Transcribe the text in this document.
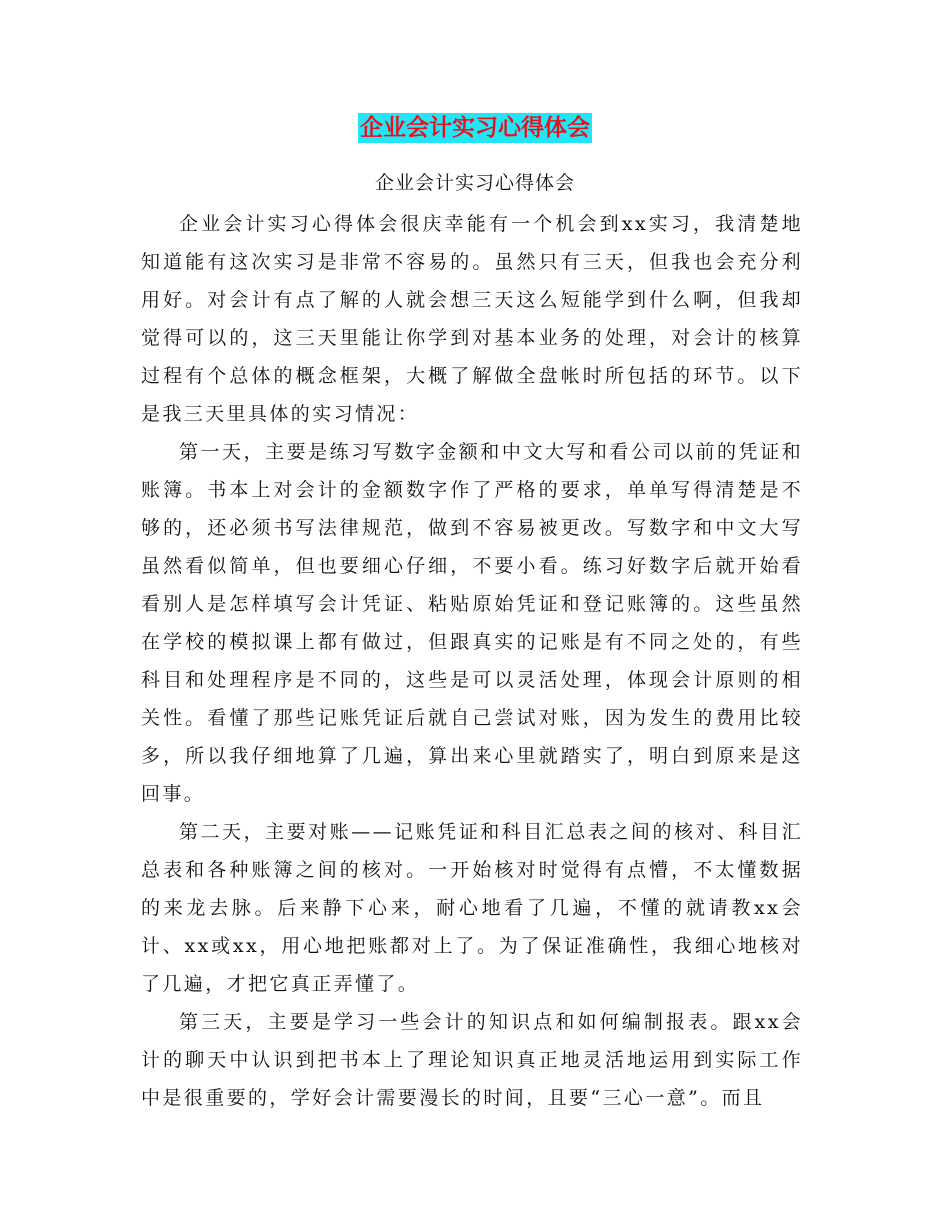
企业会计实习心得体会
企业会计实习心得体会

企业会计实习心得体会很庆幸能有一个机会到xx实习，我清楚地知道能有这次实习是非常不容易的。虽然只有三天，但我也会充分利用好。对会计有点了解的人就会想三天这么短能学到什么啊，但我却觉得可以的，这三天里能让你学到对基本业务的处理，对会计的核算过程有个总体的概念框架，大概了解做全盘帐时所包括的环节。以下是我三天里具体的实习情况：

第一天，主要是练习写数字金额和中文大写和看公司以前的凭证和账簿。书本上对会计的金额数字作了严格的要求，单单写得清楚是不够的，还必须书写法律规范，做到不容易被更改。写数字和中文大写虽然看似简单，但也要细心仔细，不要小看。练习好数字后就开始看看别人是怎样填写会计凭证、粘贴原始凭证和登记账簿的。这些虽然在学校的模拟课上都有做过，但跟真实的记账是有不同之处的，有些科目和处理程序是不同的，这些是可以灵活处理，体现会计原则的相关性。看懂了那些记账凭证后就自己尝试对账，因为发生的费用比较多，所以我仔细地算了几遍，算出来心里就踏实了，明白到原来是这回事。

第二天，主要对账——记账凭证和科目汇总表之间的核对、科目汇总表和各种账簿之间的核对。一开始核对时觉得有点懵，不太懂数据的来龙去脉。后来静下心来，耐心地看了几遍，不懂的就请教xx会计、xx或xx，用心地把账都对上了。为了保证准确性，我细心地核对了几遍，才把它真正弄懂了。

第三天，主要是学习一些会计的知识点和如何编制报表。跟xx会计的聊天中认识到把书本上了理论知识真正地灵活地运用到实际工作中是很重要的，学好会计需要漫长的时间，且要“三心一意”。而且
